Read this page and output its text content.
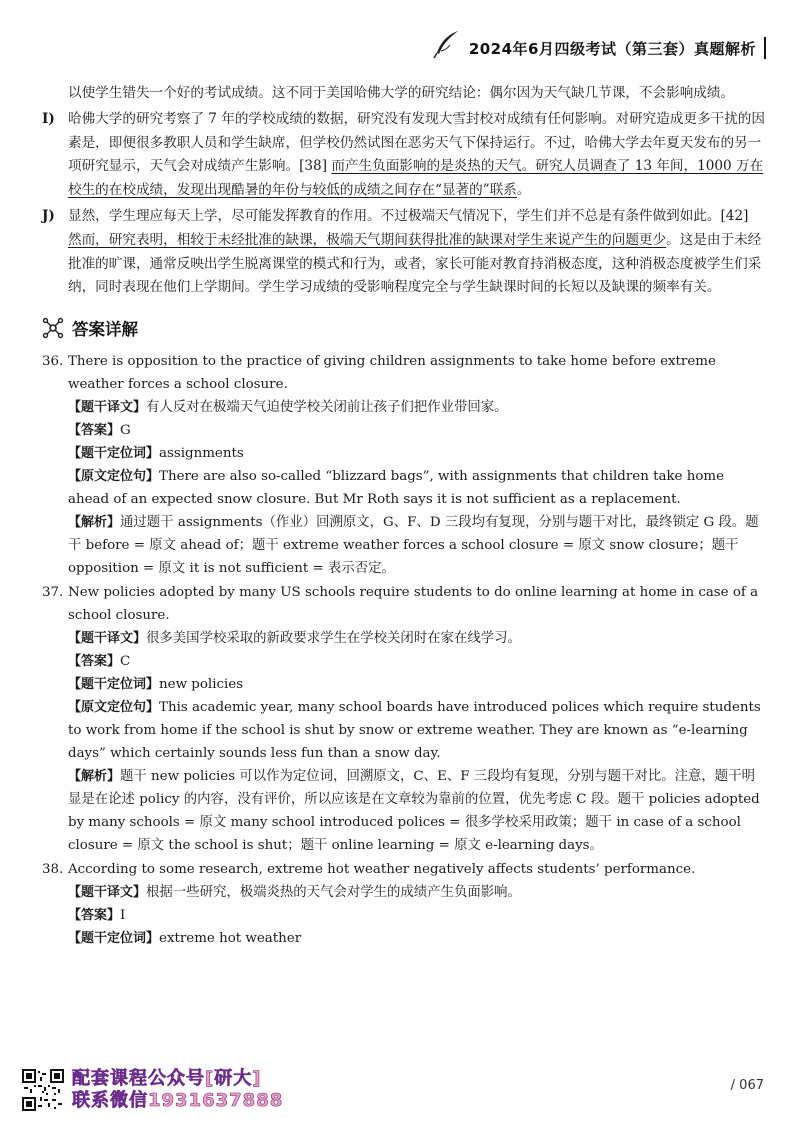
2024年6月四级考试（第三套）真题解析
以使学生错失一个好的考试成绩。这不同于美国哈佛大学的研究结论：偶尔因为天气缺几节课，不会影响成绩。
I) 哈佛大学的研究考察了 7 年的学校成绩的数据，研究没有发现大雪封校对成绩有任何影响。对研究造成更多干扰的因素是，即便很多教职人员和学生缺席，但学校仍然试图在恶劣天气下保持运行。不过，哈佛大学去年夏天发布的另一项研究显示，天气会对成绩产生影响。[38] 而产生负面影响的是炎热的天气。研究人员调查了 13 年间，1000 万在校生的在校成绩，发现出现酷暑的年份与较低的成绩之间存在“显著的”联系。
J) 显然，学生理应每天上学，尽可能发挥教育的作用。不过极端天气情况下，学生们并不总是有条件做到如此。[42] 然而，研究表明，相较于未经批准的缺课，极端天气期间获得批准的缺课对学生来说产生的问题更少。这是由于未经批准的旷课，通常反映出学生脱离课堂的模式和行为，或者，家长可能对教育持消极态度，这种消极态度被学生们采纳，同时表现在他们上学期间。学生学习成绩的受影响程度完全与学生缺课时间的长短以及缺课的频率有关。
答案详解
36. There is opposition to the practice of giving children assignments to take home before extreme weather forces a school closure.
【题干译文】有人反对在极端天气迫使学校关闭前让孩子们把作业带回家。
【答案】G
【题干定位词】assignments
【原文定位句】There are also so-called “blizzard bags”, with assignments that children take home ahead of an expected snow closure. But Mr Roth says it is not sufficient as a replacement.
【解析】通过题干 assignments（作业）回溯原文，G、F、D 三段均有复现，分别与题干对比，最终锁定 G 段。题干 before = 原文 ahead of；题干 extreme weather forces a school closure = 原文 snow closure；题干 opposition = 原文 it is not sufficient = 表示否定。
37. New policies adopted by many US schools require students to do online learning at home in case of a school closure.
【题干译文】很多美国学校采取的新政要求学生在学校关闭时在家在线学习。
【答案】C
【题干定位词】new policies
【原文定位句】This academic year, many school boards have introduced polices which require students to work from home if the school is shut by snow or extreme weather. They are known as “e-learning days” which certainly sounds less fun than a snow day.
【解析】题干 new policies 可以作为定位词，回溯原文，C、E、F 三段均有复现，分别与题干对比。注意，题干明显是在论述 policy 的内容，没有评价，所以应该是在文章较为靠前的位置，优先考虑 C 段。题干 policies adopted by many schools = 原文 many school introduced polices = 很多学校采用政策；题干 in case of a school closure = 原文 the school is shut；题干 online learning = 原文 e-learning days。
38. According to some research, extreme hot weather negatively affects students’ performance.
【题干译文】根据一些研究，极端炎热的天气会对学生的成绩产生负面影响。
【答案】I
【题干定位词】extreme hot weather
配套课程公众号[研大]
联系微信1931637888
/ 067
